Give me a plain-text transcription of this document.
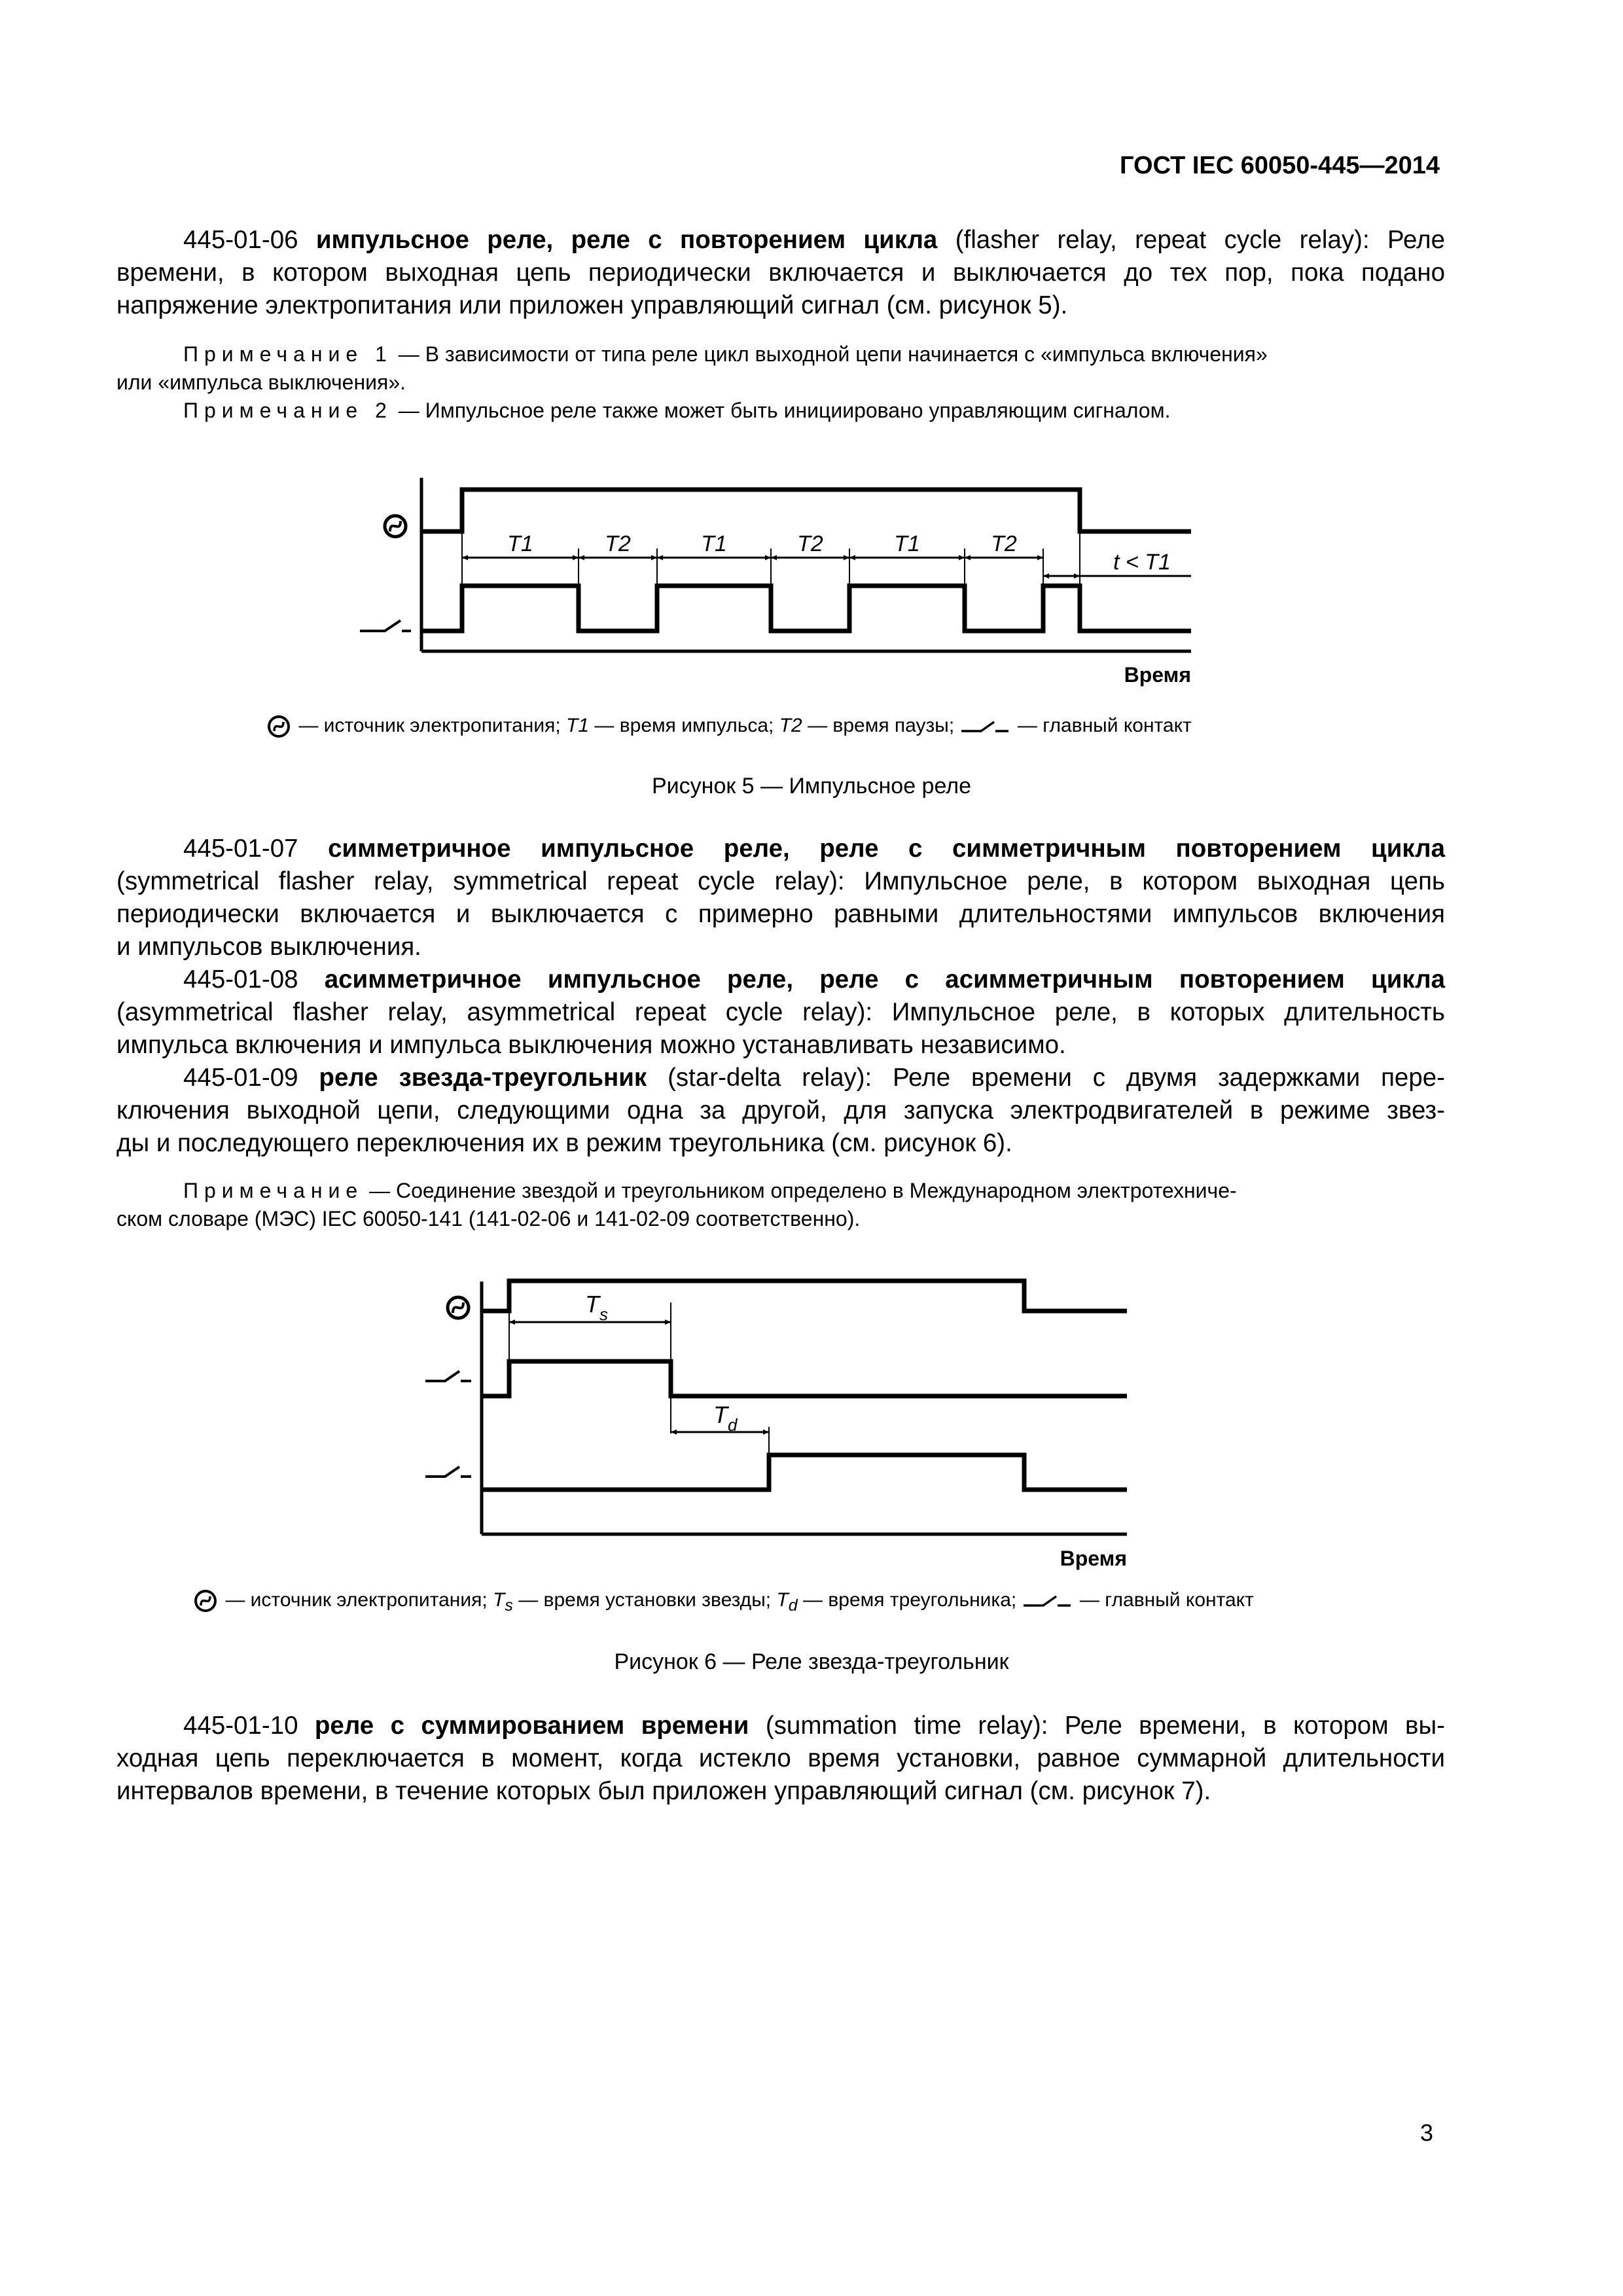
ГОСТ IEC 60050-445—2014
445-01-06 импульсное реле, реле с повторением цикла (flasher relay, repeat cycle relay): Реле
времени, в котором выходная цепь периодически включается и выключается до тех пор, пока подано
напряжение электропитания или приложен управляющий сигнал (см. рисунок 5).
Примечание 1 — В зависимости от типа реле цикл выходной цепи начинается с «импульса включения»
или «импульса выключения».
Примечание 2 — Импульсное реле также может быть инициировано управляющим сигналом.
T1	T2	T1	T2	T1	T2
t < T1
Время
— источник электропитания; T1 — время импульса; T2 — время паузы;	— главный контакт
Рисунок 5 — Импульсное реле
445-01-07 симметричное импульсное реле, реле с симметричным повторением цикла
(symmetrical flasher relay, symmetrical repeat cycle relay): Импульсное реле, в котором выходная цепь
периодически включается и выключается с примерно равными длительностями импульсов включения
и импульсов выключения.
445-01-08 асимметричное импульсное реле, реле с асимметричным повторением цикла
(asymmetrical flasher relay, asymmetrical repeat cycle relay): Импульсное реле, в которых длительность
импульса включения и импульса выключения можно устанавливать независимо.
445-01-09 реле звезда-треугольник (star-delta relay): Реле времени с двумя задержками пере-
ключения выходной цепи, следующими одна за другой, для запуска электродвигателей в режиме звез-
ды и последующего переключения их в режим треугольника (см. рисунок 6).
Примечание — Соединение звездой и треугольником определено в Международном электротехниче-
ском словаре (МЭС) IEC 60050-141 (141-02-06 и 141-02-09 соответственно).
$T_s$
$T_d$
Время
— источник электропитания; $T_s$ — время установки звезды; $T_d$ — время треугольника;	— главный контакт
Рисунок 6 — Реле звезда-треугольник
445-01-10 реле с суммированием времени (summation time relay): Реле времени, в котором вы-
ходная цепь переключается в момент, когда истекло время установки, равное суммарной длительности
интервалов времени, в течение которых был приложен управляющий сигнал (см. рисунок 7).
3
